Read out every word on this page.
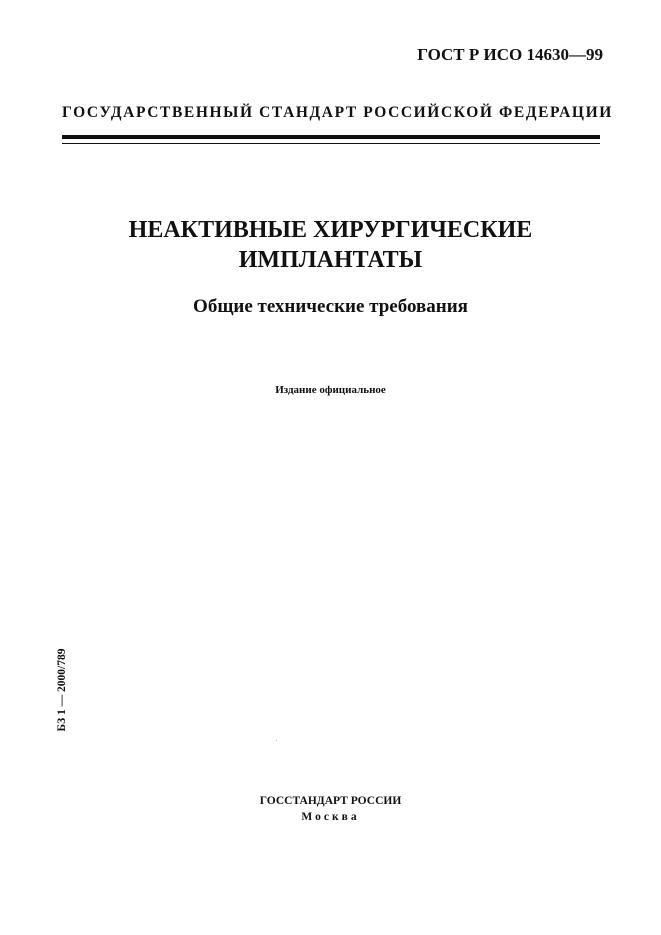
ГОСТ Р ИСО 14630—99
ГОСУДАРСТВЕННЫЙ СТАНДАРТ РОССИЙСКОЙ ФЕДЕРАЦИИ
НЕАКТИВНЫЕ ХИРУРГИЧЕСКИЕ
ИМПЛАНТАТЫ
Общие технические требования
Издание официальное
БЗ 1 — 2000/789
ГОССТАНДАРТ РОССИИ
Москва
